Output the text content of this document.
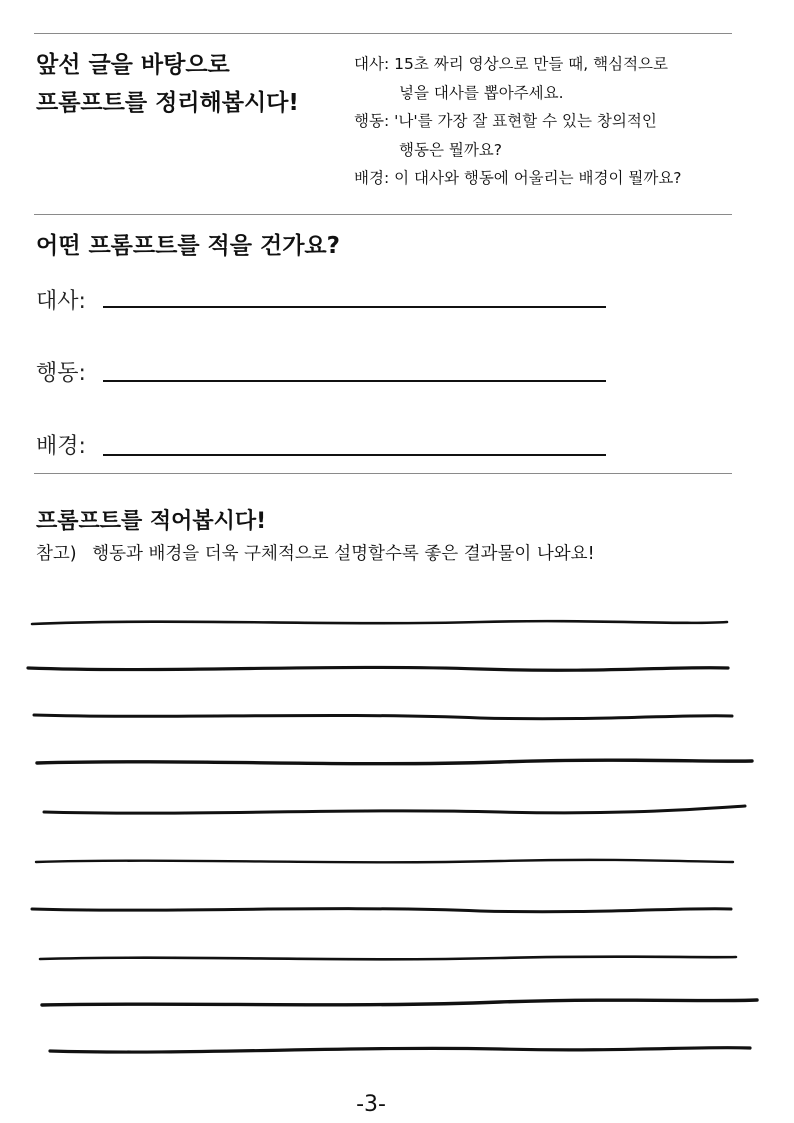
앞선 글을 바탕으로
프롬프트를 정리해봅시다!
대사: 15초 짜리 영상으로 만들 때, 핵심적으로
넣을 대사를 뽑아주세요.
행동: '나'를 가장 잘 표현할 수 있는 창의적인
행동은 뭘까요?
배경: 이 대사와 행동에 어울리는 배경이 뭘까요?
어떤 프롬프트를 적을 건가요?
대사:
행동:
배경:
프롬프트를 적어봅시다!
참고) 행동과 배경을 더욱 구체적으로 설명할수록 좋은 결과물이 나와요!
-3-
